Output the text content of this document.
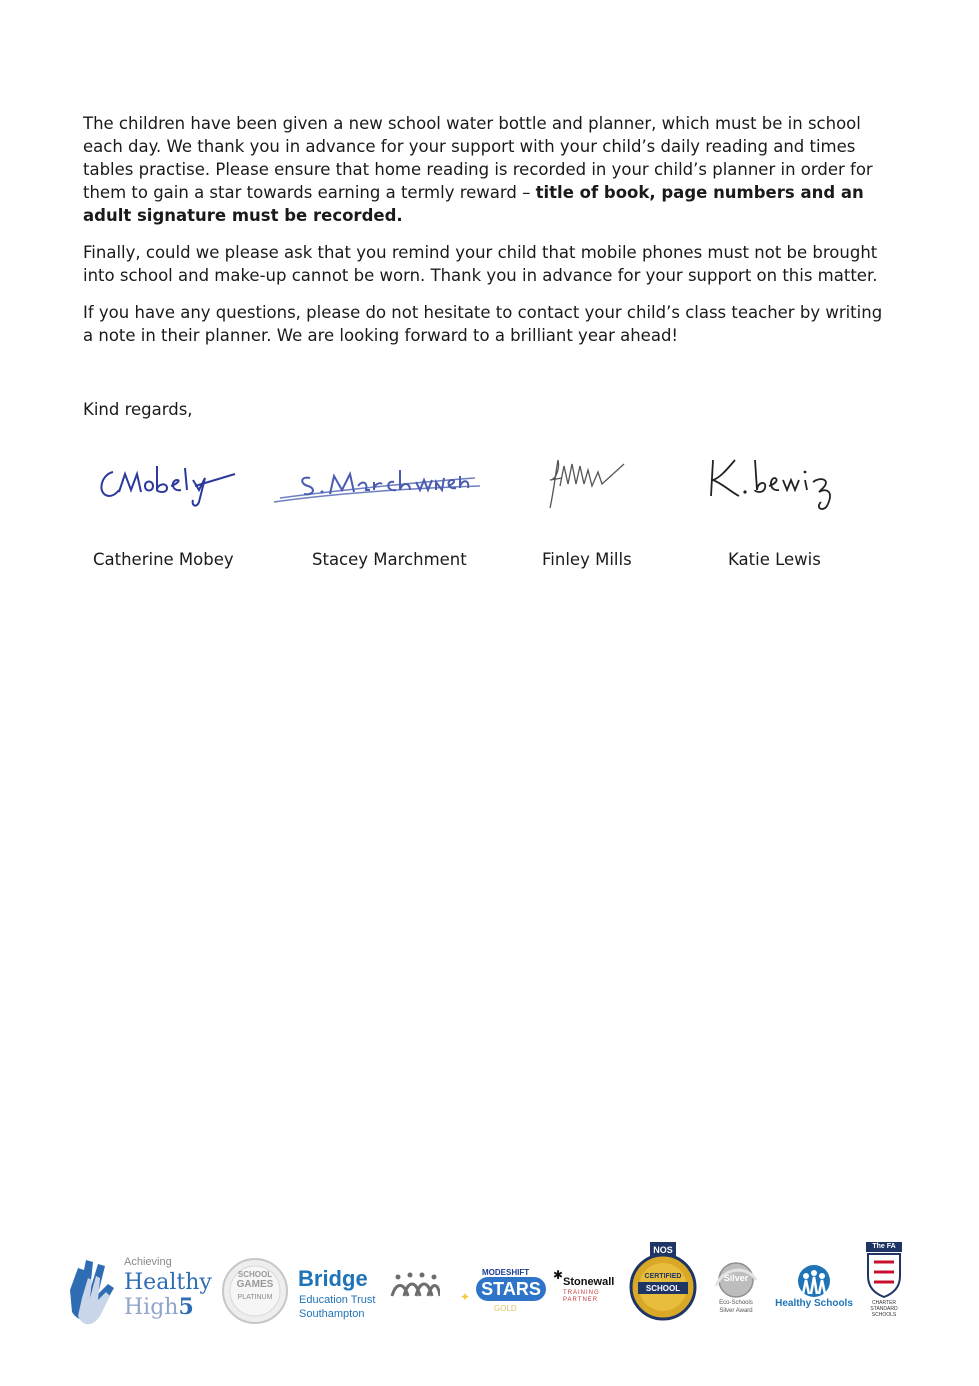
The children have been given a new school water bottle and planner, which must be in school each day. We thank you in advance for your support with your child’s daily reading and times tables practise. Please ensure that home reading is recorded in your child’s planner in order for them to gain a star towards earning a termly reward – title of book, page numbers and an adult signature must be recorded.

Finally, could we please ask that you remind your child that mobile phones must not be brought into school and make-up cannot be worn. Thank you in advance for your support on this matter.

If you have any questions, please do not hesitate to contact your child’s class teacher by writing a note in their planner. We are looking forward to a brilliant year ahead!

Kind regards,
Catherine Mobey	Stacey Marchment	Finley Mills	Katie Lewis
Achieving
Healthy
High5
SCHOOL
GAMES
PLATINUM
Bridge
Education Trust
Southampton
MODESHIFT
STARS
GOLD
✦
✱ Stonewall
TRAINING PARTNER
NOS
CERTIFIED
SCHOOL
Silver
Eco-Schools
Silver Award
Healthy Schools
The FA
CHARTER
STANDARD
SCHOOLS
